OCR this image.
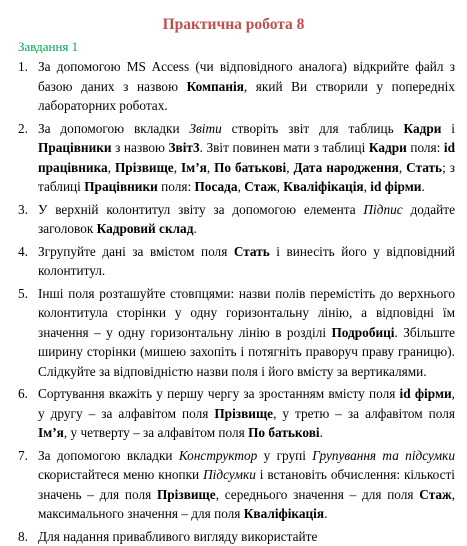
Практична робота 8
Завдання 1
1. За допомогою MS Access (чи відповідного аналога) відкрийте файл з базою даних з назвою Компанія, який Ви створили у попередніх лабораторних роботах.
2. За допомогою вкладки Звіти створіть звіт для таблиць Кадри і Працівники з назвою Звіт3. Звіт повинен мати з таблиці Кадри поля: id працівника, Прізвище, Ім’я, По батькові, Дата народження, Стать; з таблиці Працівники поля: Посада, Стаж, Кваліфікація, id фірми.
3. У верхній колонтитул звіту за допомогою елемента Підпис додайте заголовок Кадровий склад.
4. Згрупуйте дані за вмістом поля Стать і винесіть його у відповідний колонтитул.
5. Інші поля розташуйте стовпцями: назви полів перемістіть до верхнього колонтитула сторінки у одну горизонтальну лінію, а відповідні їм значення – у одну горизонтальну лінію в розділі Подробиці. Збільште ширину сторінки (мишею захопіть і потягніть праворуч праву границю). Слідкуйте за відповідністю назви поля і його вмісту за вертикалями.
6. Сортування вкажіть у першу чергу за зростанням вмісту поля id фірми, у другу – за алфавітом поля Прізвище, у третю – за алфавітом поля Ім’я, у четверту – за алфавітом поля По батькові.
7. За допомогою вкладки Конструктор у групі Групування та підсумки скористайтеся меню кнопки Підсумки і встановіть обчислення: кількості значень – для поля Прізвище, середнього значення – для поля Стаж, максимального значення – для поля Кваліфікація.
8. Для надання привабливого вигляду використайте
